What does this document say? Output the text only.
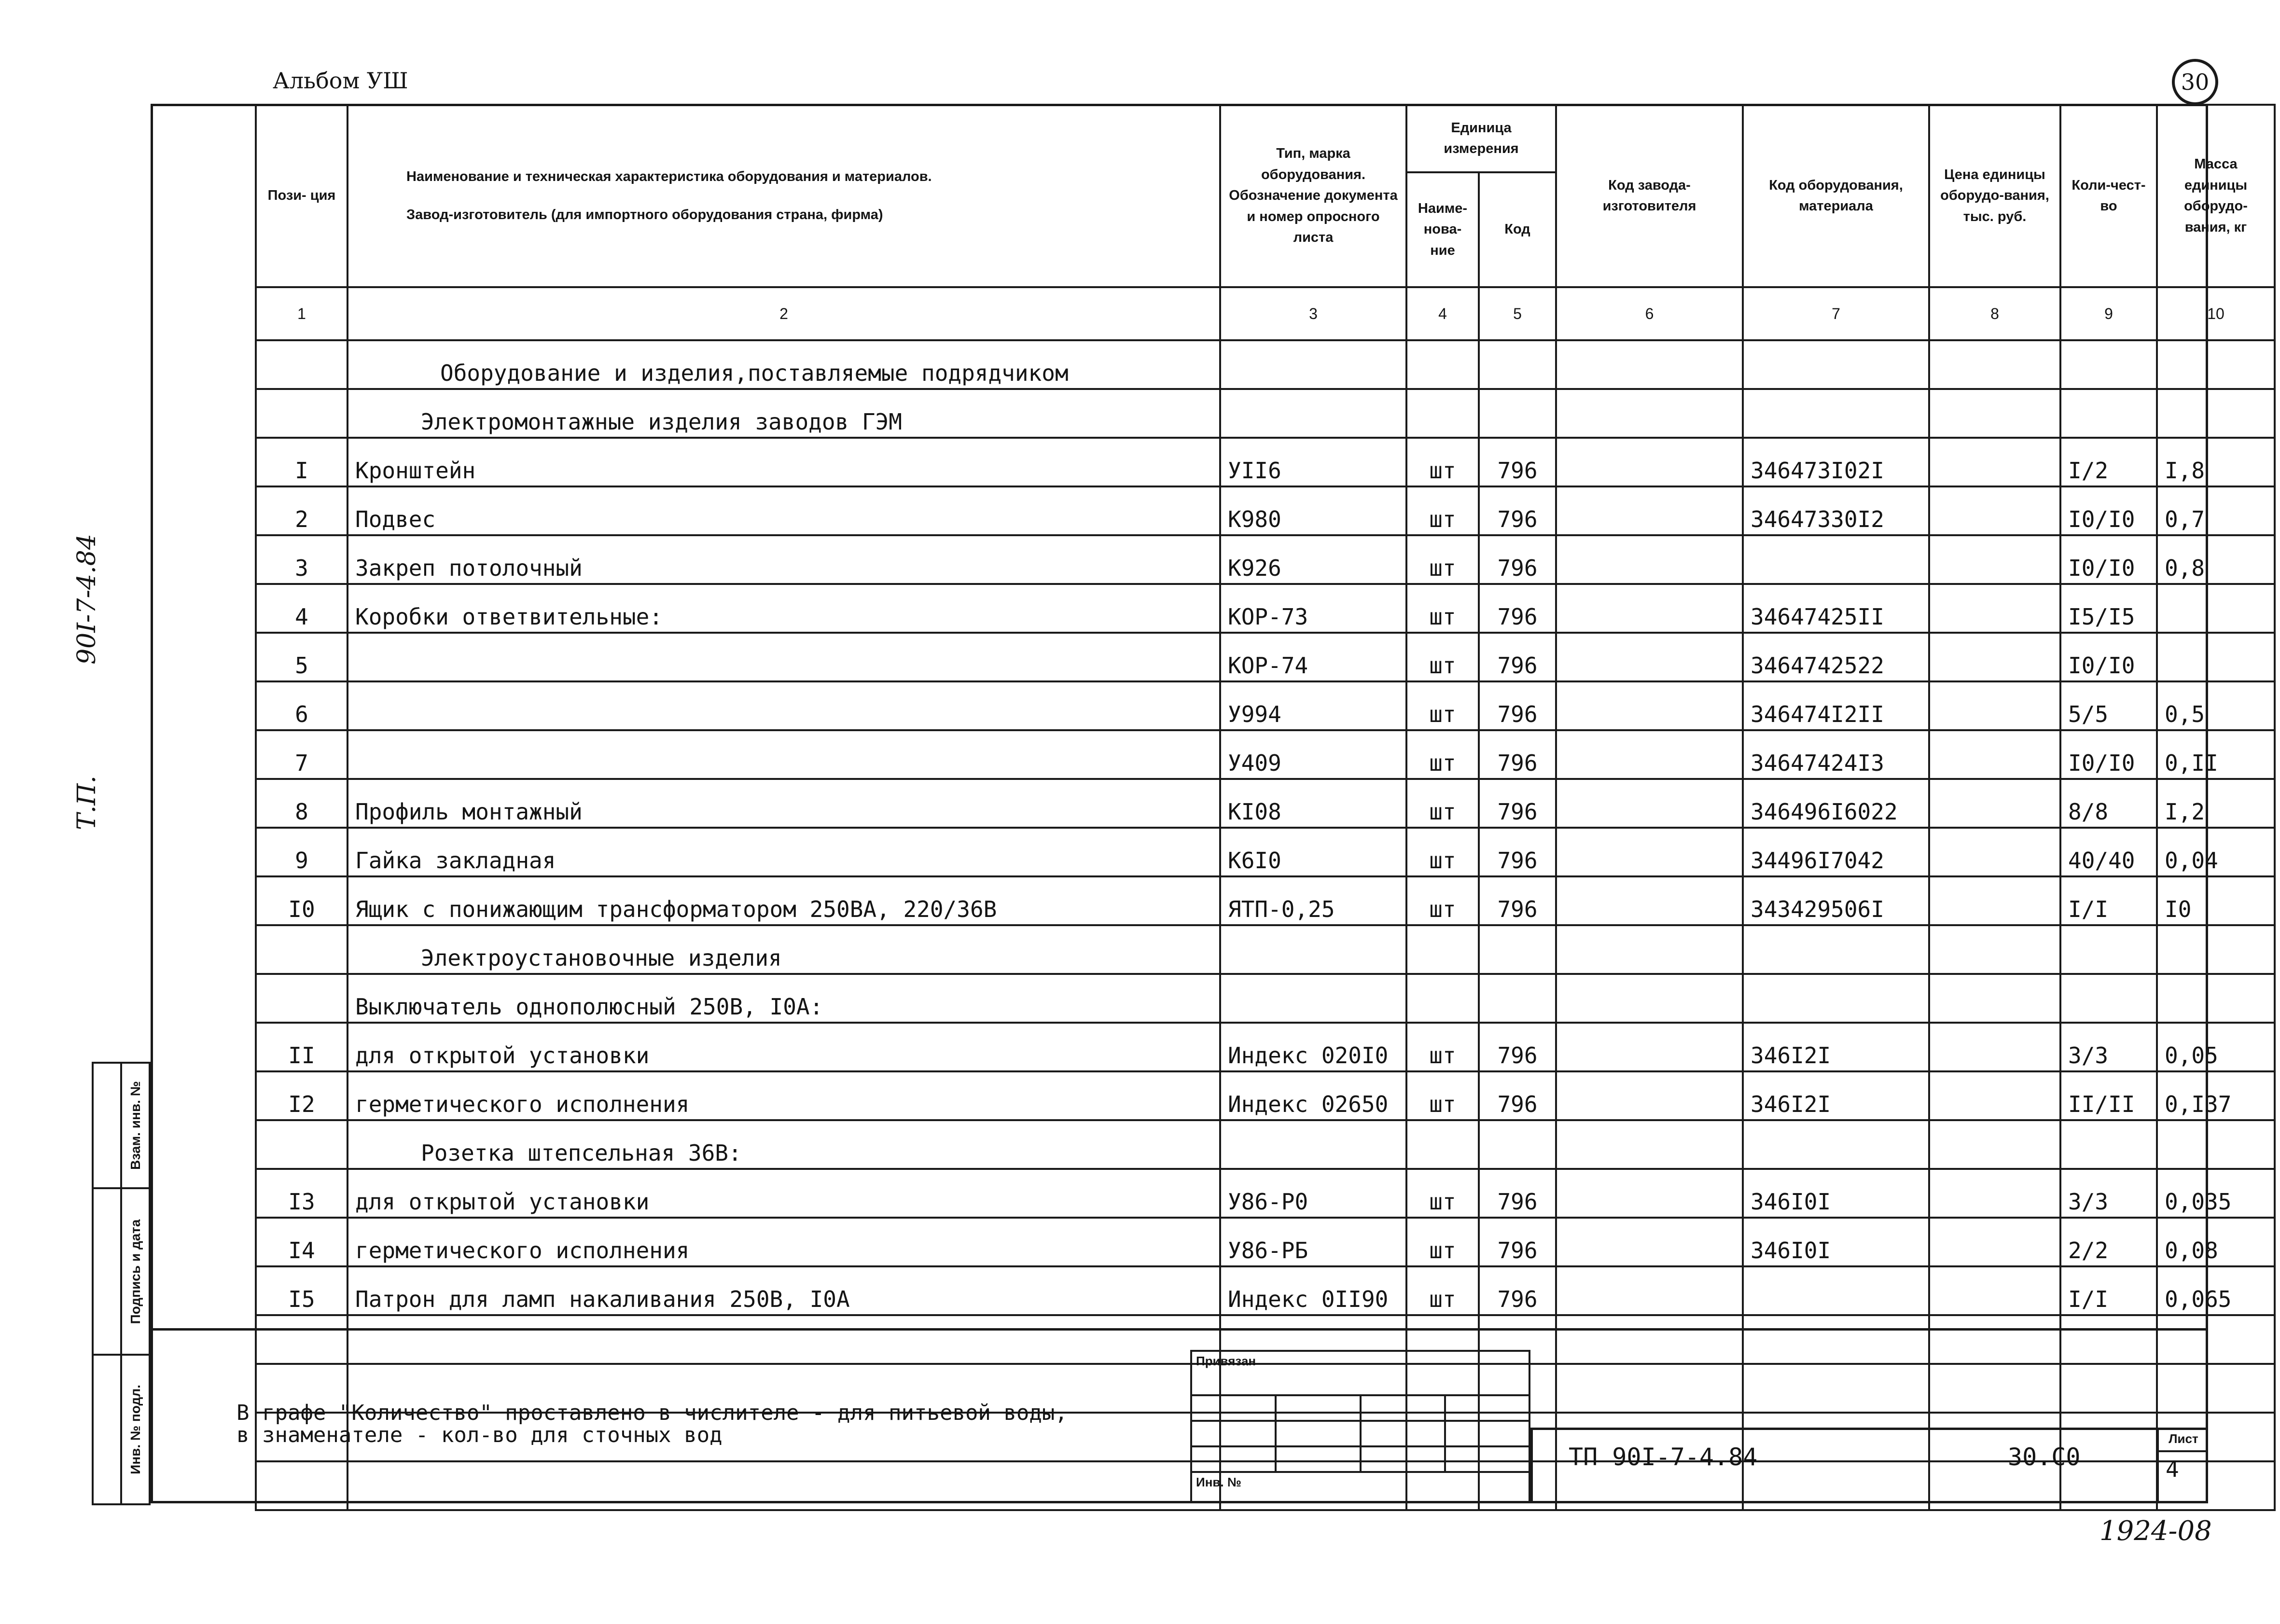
Альбом УШ	30
Пози- ция	Наименование и техническая характеристика оборудования и материалов.
Завод-изготовитель (для импортного оборудования страна, фирма)	Тип, марка оборудования.
Обозначение документа и номер опросного листа	Единица измерения		Код завода-изготовителя	Код оборудования, материала	Цена единицы оборудо-вания, тыс. руб.	Коли-чест-во	Масса единицы оборудо-вания, кг
			Наиме-нова-ние	Код					
1	2	3	4	5	6	7	8	9	10
	Оборудование и изделия,поставляемые подрядчиком								
	Электромонтажные изделия заводов ГЭМ								
I	Кронштейн	УII6	шт	796		346473I02I		I/2	I,8
2	Подвес	К980	шт	796		34647330I2		I0/I0	0,7
3	Закреп потолочный	К926	шт	796				I0/I0	0,8
4	Коробки ответвительные:	КОР-73	шт	796		34647425II		I5/I5	
5		КОР-74	шт	796		3464742522		I0/I0	
6		У994	шт	796		346474I2II		5/5	0,5
7		У409	шт	796		34647424I3		I0/I0	0,II
8	Профиль монтажный	КI08	шт	796		346496I6022		8/8	I,2
9	Гайка закладная	К6I0	шт	796		34496I7042		40/40	0,04
I0	Ящик с понижающим трансформатором 250ВА, 220/36В	ЯТП-0,25	шт	796		343429506I		I/I	I0
	Электроустановочные изделия								
	Выключатель однополюсный 250В, I0А:								
II	для открытой установки	Индекс 020I0	шт	796		346I2I		3/3	0,05
I2	герметического исполнения	Индекс 02650	шт	796		346I2I		II/II	0,I37
	Розетка штепсельная 36В:								
I3	для открытой установки	У86-Р0	шт	796		346I0I		3/3	0,035
I4	герметического исполнения	У86-РБ	шт	796		346I0I		2/2	0,08
I5	Патрон для ламп накаливания 250В, I0А	Индекс 0II90	шт	796				I/I	0,065

Т.П.90I-7-4.84

	Взам. инв. №

	Подпись и дата

	Инв. № подл.	В графе "Количество" проставлено в числителе - для питьевой воды,
в знаменателе - кол-во для сточных вод
Привязан			

Инв. №			
ТП 90I-7-4.84	30.С0
Лист
4
1924-08
